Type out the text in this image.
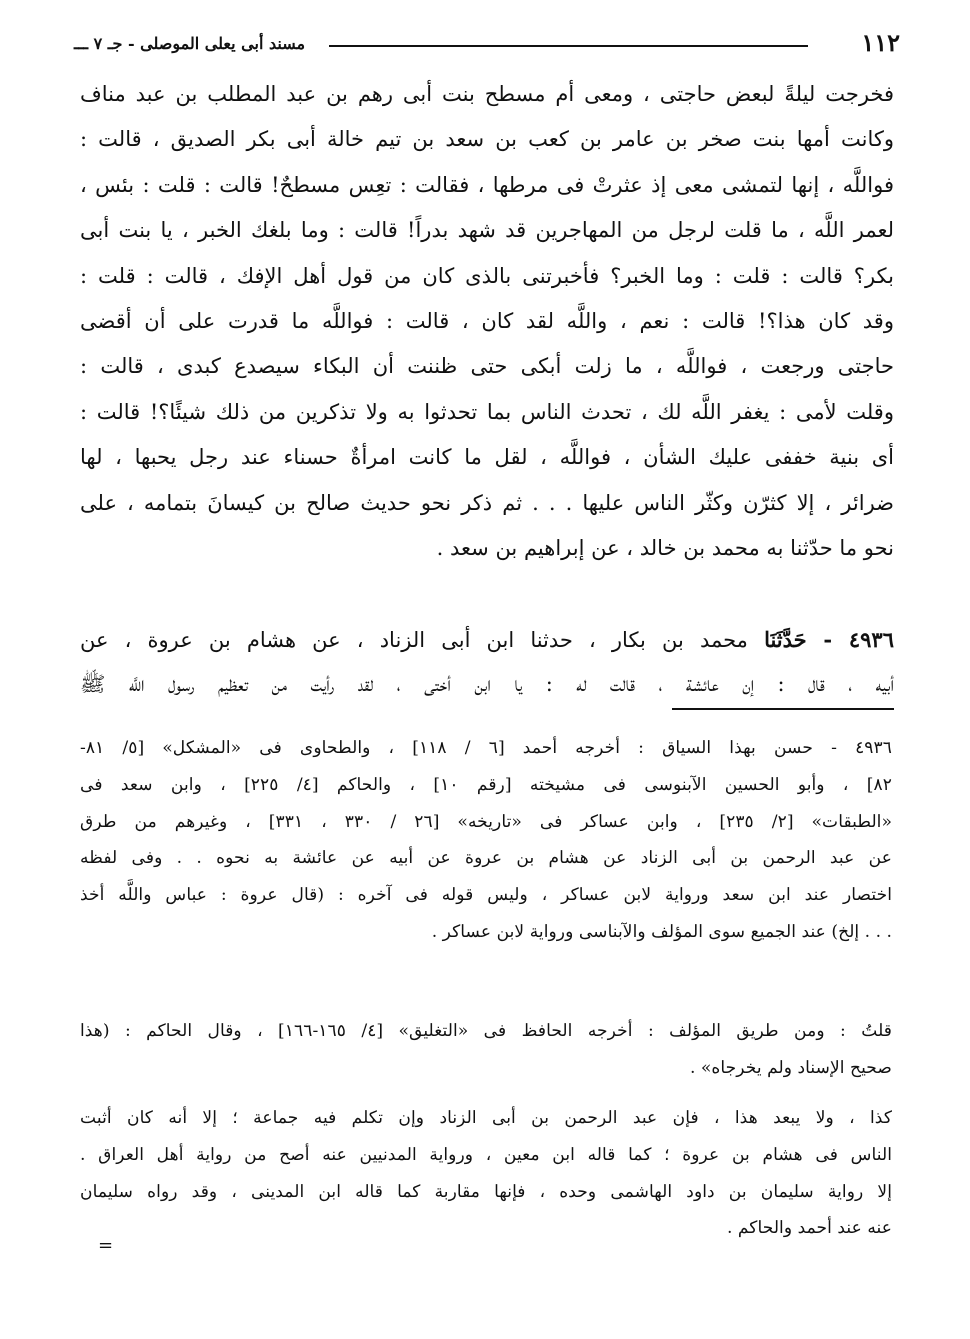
١١٢
مسند أبى يعلى الموصلى - جـ ٧ ـــ
فخرجت ليلةً لبعض حاجتى ، ومعى أم مسطح بنت أبى رهم بن عبد المطلب بن عبد مناف
وكانت أمها بنت صخر بن عامر بن كعب بن سعد بن تيم خالة أبى بكر الصديق ، قالت :
فواللَّه ، إنها لتمشى معى إذ عثرتْ فى مرطها ، فقالت : تعِس مسطحٌ! قالت : قلت : بئس ،
لعمر اللَّه ، ما قلت لرجل من المهاجرين قد شهد بدراً! قالت : وما بلغك الخبر ، يا بنت أبى
بكر؟ قالت : قلت : وما الخبر؟ فأخبرتنى بالذى كان من قول أهل الإفك ، قالت : قلت :
وقد كان هذا؟! قالت : نعم ، واللَّه لقد كان ، قالت : فواللَّه ما قدرت على أن أقضى
حاجتى ورجعت ، فواللَّه ، ما زلت أبكى حتى ظننت أن البكاء سيصدع كبدى ، قالت :
وقلت لأمى : يغفر اللَّه لك ، تحدث الناس بما تحدثوا به ولا تذكرين من ذلك شيئًا؟! قالت :
أى بنية خففى عليك الشأن ، فواللَّه ، لقل ما كانت امرأةٌ حسناء عند رجل يحبها ، لها
ضرائر ، إلا كثرّن وكثّر الناس عليها . . . ثم ذكر نحو حديث صالح بن كيسانَ بتمامه ، على
نحو ما حدّثنا به محمد بن خالد ، عن إبراهيم بن سعد .
٤٩٣٦ - حَدَّثَنَا محمد بن بكار ، حدثنا ابن أبى الزناد ، عن هشام بن عروة ، عن
أبيه ، قال : إن عائشة ، قالت له : يا ابن أختى ، لقد رأيت من تعظيم رسول اللَّه ﷺ
٤٩٣٦ - حسن بهذا السياق : أخرجه أحمد [٦ / ١١٨] ، والطحاوى فى «المشكل» [٥/ ٨١-
٨٢] ، وأبو الحسين الآبنوسى فى مشيخته [رقم ١٠] ، والحاكم [٤/ ٢٢٥] ، وابن سعد فى
«الطبقات» [٢/ ٢٣٥] ، وابن عساكر فى «تاريخه» [٢٦ / ٣٣٠ ، ٣٣١] ، وغيرهم من طرق
عن عبد الرحمن بن أبى الزناد عن هشام بن عروة عن أبيه عن عائشة به نحوه . . وفى لفظه
اختصار عند ابن سعد ورواية لابن عساكر ، وليس قوله فى آخره : (قال عروة : عباس واللَّه أخذ
. . . إلخ) عند الجميع سوى المؤلف والآبناسى ورواية لابن عساكر .
قلتُ : ومن طريق المؤلف : أخرجه الحافظ فى «التغليق» [٤/ ١٦٥-١٦٦] ، وقال الحاكم : (هذا
صحيح الإسناد ولم يخرجاه» .
كذا ، ولا يبعد هذا ، فإن عبد الرحمن بن أبى الزناد وإن تكلم فيه جماعة ؛ إلا أنه كان أثبت
الناس فى هشام بن عروة ؛ كما قاله ابن معين ، ورواية المدنيين عنه أصح من رواية أهل العراق .
إلا رواية سليمان بن داود الهاشمى وحده ، فإنها مقاربة كما قاله ابن المدينى ، وقد رواه سليمان
عنه عند أحمد والحاكم .
=
